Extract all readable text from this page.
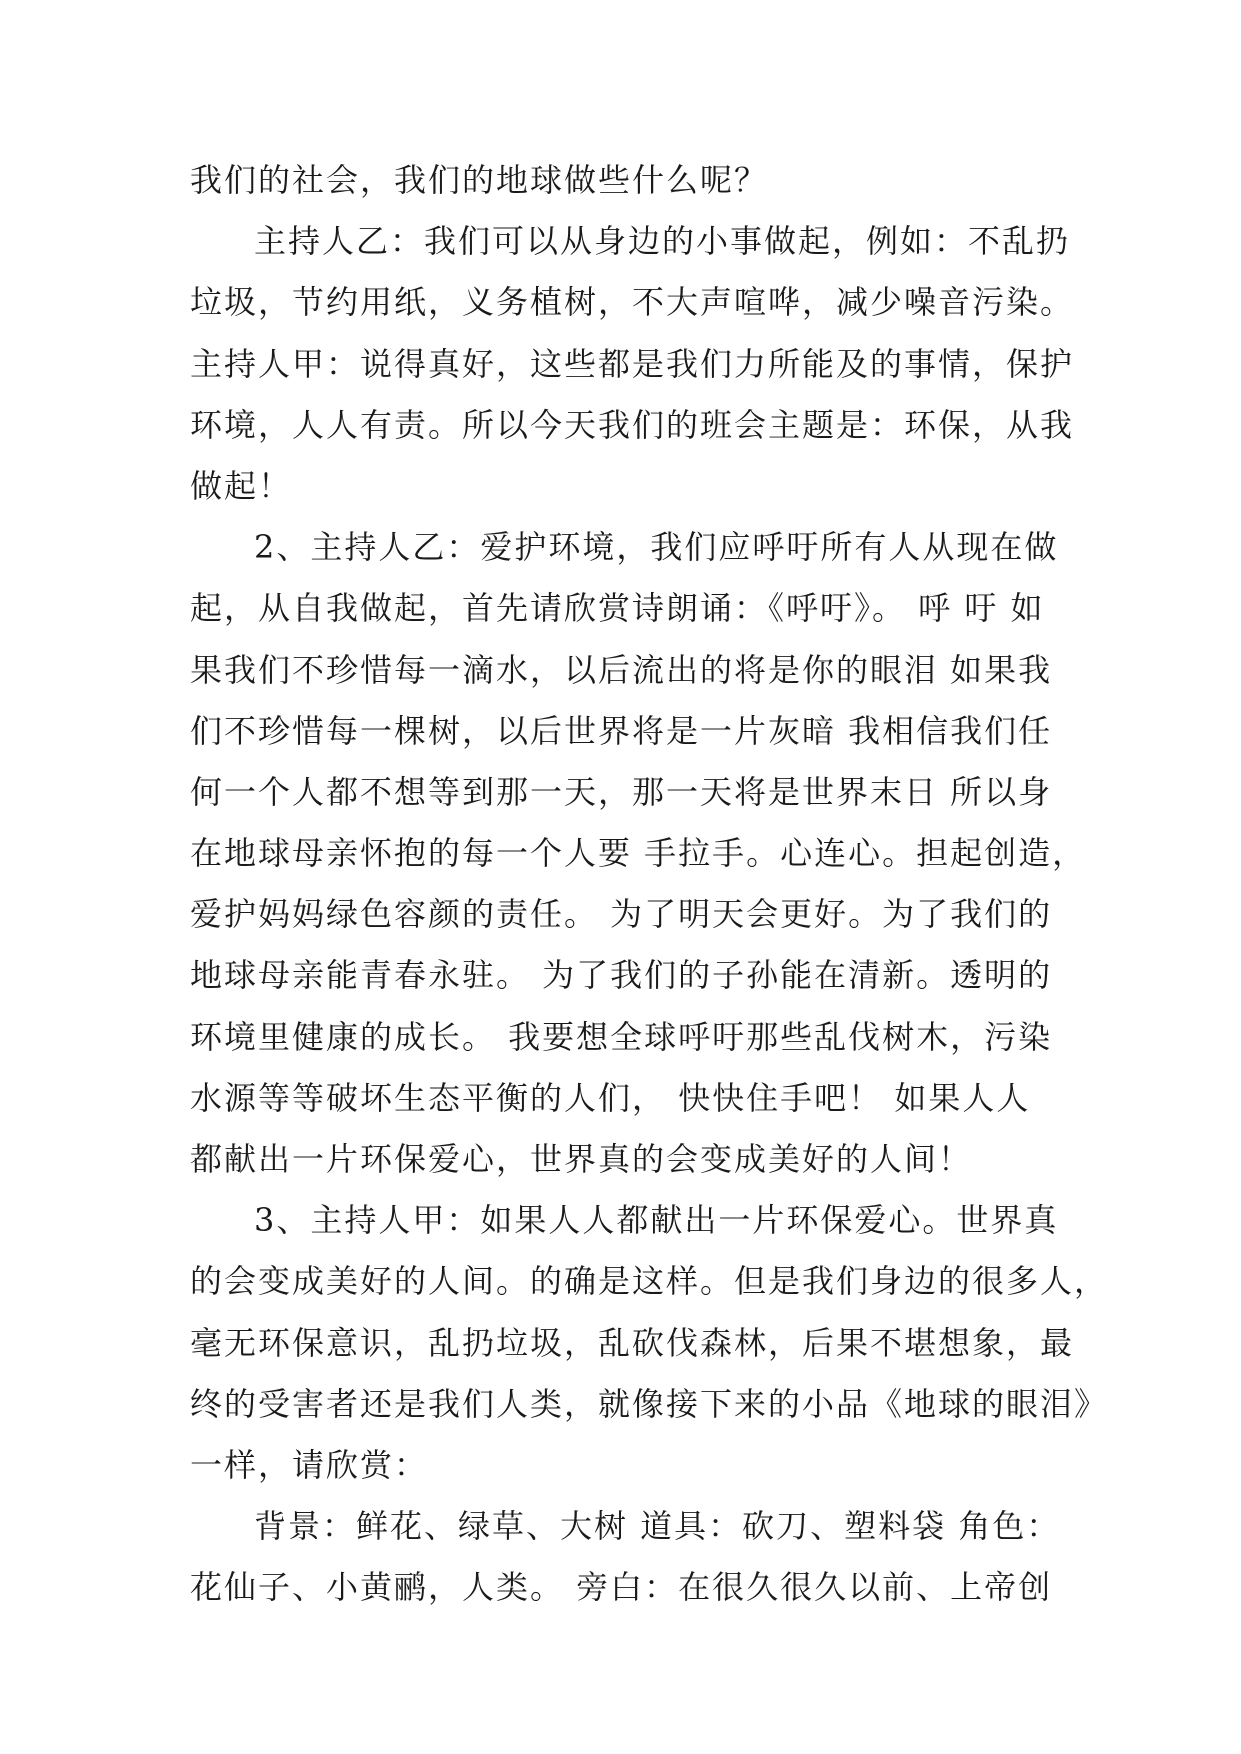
我们的社会，我们的地球做些什么呢？
主持人乙：我们可以从身边的小事做起，例如：不乱扔
垃圾，节约用纸，义务植树，不大声喧哗，减少噪音污染。
主持人甲：说得真好，这些都是我们力所能及的事情，保护
环境，人人有责。所以今天我们的班会主题是：环保，从我
做起！
2、主持人乙：爱护环境，我们应呼吁所有人从现在做
起，从自我做起，首先请欣赏诗朗诵：《呼吁》。 呼 吁 如
果我们不珍惜每一滴水，以后流出的将是你的眼泪 如果我
们不珍惜每一棵树，以后世界将是一片灰暗 我相信我们任
何一个人都不想等到那一天，那一天将是世界末日 所以身
在地球母亲怀抱的每一个人要 手拉手。心连心。担起创造，
爱护妈妈绿色容颜的责任。 为了明天会更好。为了我们的
地球母亲能青春永驻。 为了我们的子孙能在清新。透明的
环境里健康的成长。 我要想全球呼吁那些乱伐树木，污染
水源等等破坏生态平衡的人们， 快快住手吧！ 如果人人
都献出一片环保爱心，世界真的会变成美好的人间！
3、主持人甲：如果人人都献出一片环保爱心。世界真
的会变成美好的人间。的确是这样。但是我们身边的很多人，
毫无环保意识，乱扔垃圾，乱砍伐森林，后果不堪想象，最
终的受害者还是我们人类，就像接下来的小品《地球的眼泪》
一样，请欣赏：
背景：鲜花、绿草、大树 道具：砍刀、塑料袋 角色：
花仙子、小黄鹂，人类。 旁白：在很久很久以前、上帝创
